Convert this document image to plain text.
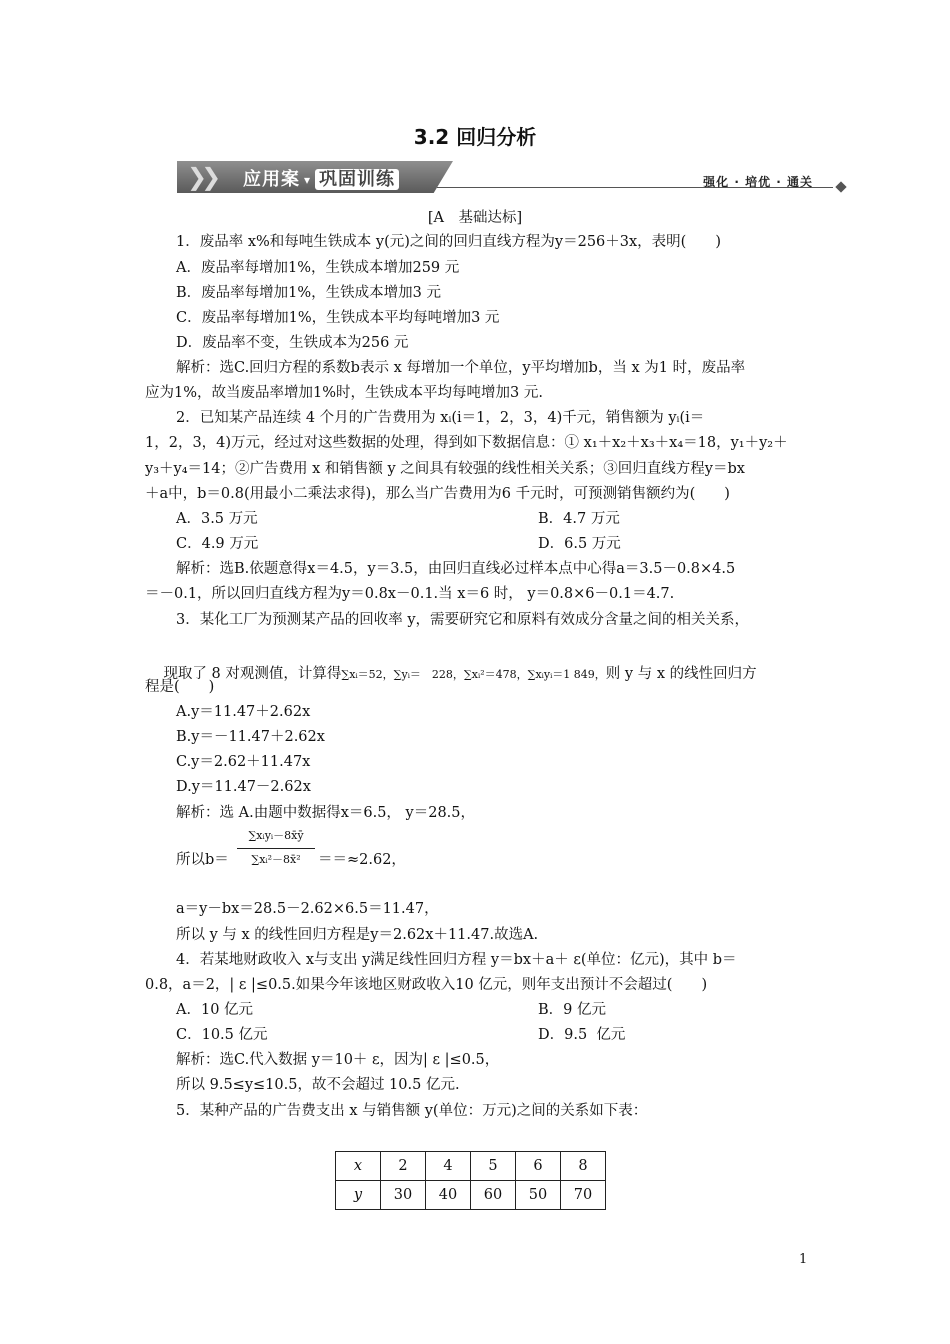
3.2 回归分析
❯❯ 应用案 ▾ 巩固训练	强化 · 培优 · 通关
[A　基础达标]
1．废品率 x%和每吨生铁成本 y(元)之间的回归直线方程为y＝256＋3x，表明(　　)
A．废品率每增加1%，生铁成本增加259 元
B．废品率每增加1%，生铁成本增加3 元
C．废品率每增加1%，生铁成本平均每吨增加3 元
D．废品率不变，生铁成本为256 元
解析：选C.回归方程的系数b表示 x 每增加一个单位，y平均增加b，当 x 为1 时，废品率
应为1%，故当废品率增加1%时，生铁成本平均每吨增加3 元.
2．已知某产品连续 4 个月的广告费用为 xᵢ(i＝1，2，3，4)千元，销售额为 yᵢ(i＝
1，2，3，4)万元，经过对这些数据的处理，得到如下数据信息：① x₁＋x₂＋x₃＋x₄＝18，y₁＋y₂＋
y₃＋y₄＝14；②广告费用 x 和销售额 y 之间具有较强的线性相关关系；③回归直线方程y＝bx
＋a中，b＝0.8(用最小二乘法求得)，那么当广告费用为6 千元时，可预测销售额约为(　　)
A．3.5 万元	B．4.7 万元
C．4.9 万元	D．6.5 万元
解析：选B.依题意得x＝4.5，y＝3.5，由回归直线必过样本点中心得a＝3.5－0.8×4.5
＝－0.1，所以回归直线方程为y＝0.8x－0.1.当 x＝6 时， y＝0.8×6－0.1＝4.7.
3．某化工厂为预测某产品的回收率 y，需要研究它和原料有效成分含量之间的相关关系，

现取了 8 对观测值，计算得∑xᵢ＝52，∑yᵢ＝　228，∑xᵢ²＝478，∑xᵢyᵢ＝1 849，则 y 与 x 的线性回归方

程是(　　)
A.y＝11.47＋2.62x
B.y＝－11.47＋2.62x
C.y＝2.62＋11.47x
D.y＝11.47－2.62x
解析：选 A.由题中数据得x＝6.5， y＝28.5，
所以b＝
∑xᵢyᵢ－8x̄ȳ
∑xᵢ²－8x̄²	＝＝≈2.62，
a＝y－bx＝28.5－2.62×6.5＝11.47，
所以 y 与 x 的线性回归方程是y＝2.62x＋11.47.故选A.
4．若某地财政收入 x与支出 y满足线性回归方程 y＝bx＋a＋ ε(单位：亿元)，其中 b＝
0.8，a＝2，| ε |≤0.5.如果今年该地区财政收入10 亿元，则年支出预计不会超过(　　)
A．10 亿元	B．9 亿元
C．10.5 亿元	D．9.5  亿元
解析：选C.代入数据 y＝10＋ ε，因为| ε |≤0.5，
所以 9.5≤y≤10.5，故不会超过 10.5 亿元.
5．某种产品的广告费支出 x 与销售额 y(单位：万元)之间的关系如下表：
x	2	4	5	6	8
y	30	40	60	50	70
1
